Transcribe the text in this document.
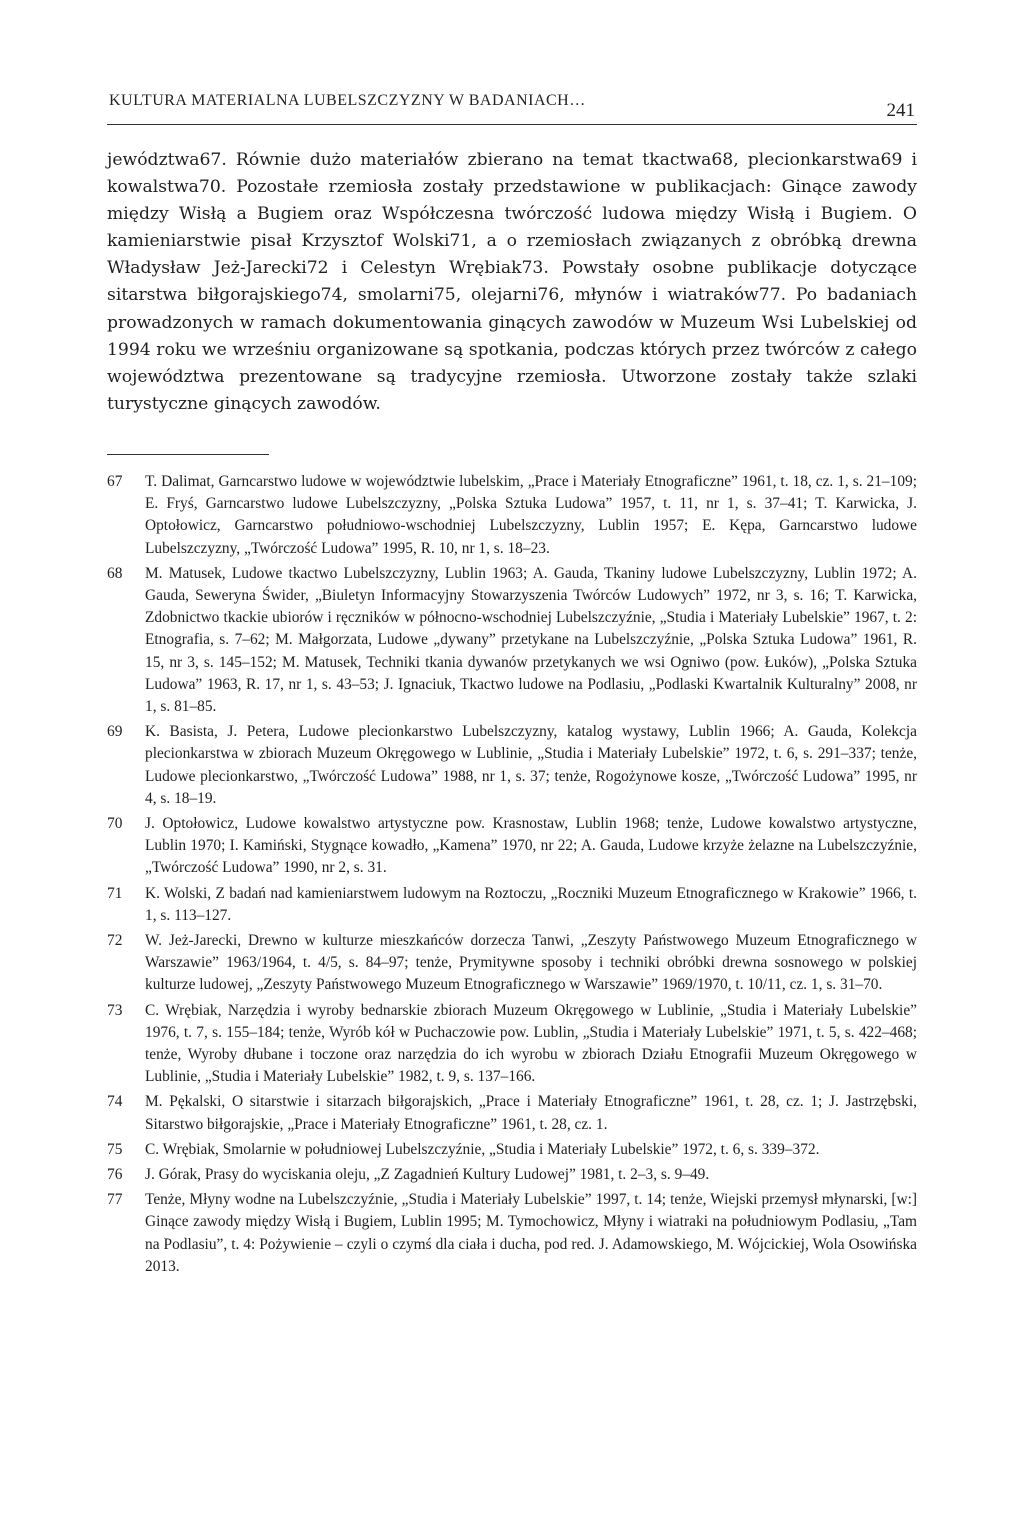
KULTURA MATERIALNA LUBELSZCZYZNY W BADANIACH…	241

jewództwa67. Równie dużo materiałów zbierano na temat tkactwa68, plecionkarstwa69 i kowalstwa70. Pozostałe rzemiosła zostały przedstawione w publikacjach: Ginące zawody między Wisłą a Bugiem oraz Współczesna twórczość ludowa między Wisłą i Bugiem. O kamieniarstwie pisał Krzysztof Wolski71, a o rzemiosłach związanych z obróbką drewna Władysław Jeż-Jarecki72 i Celestyn Wrębiak73. Powstały osobne publikacje dotyczące sitarstwa biłgorajskiego74, smolarni75, olejarni76, młynów i wiatraków77. Po badaniach prowadzonych w ramach dokumentowania ginących zawodów w Muzeum Wsi Lubelskiej od 1994 roku we wrześniu organizowane są spotkania, podczas których przez twórców z całego województwa prezentowane są tradycyjne rzemiosła. Utworzone zostały także szlaki turystyczne ginących zawodów.

67 T. Dalimat, Garncarstwo ludowe w województwie lubelskim, „Prace i Materiały Etnograficzne” 1961, t. 18, cz. 1, s. 21–109; E. Fryś, Garncarstwo ludowe Lubelszczyzny, „Polska Sztuka Ludowa” 1957, t. 11, nr 1, s. 37–41; T. Karwicka, J. Optołowicz, Garncarstwo południowo-wschodniej Lubelszczyzny, Lublin 1957; E. Kępa, Garncarstwo ludowe Lubelszczyzny, „Twórczość Ludowa” 1995, R. 10, nr 1, s. 18–23.
68 M. Matusek, Ludowe tkactwo Lubelszczyzny, Lublin 1963; A. Gauda, Tkaniny ludowe Lubelszczyzny, Lublin 1972; A. Gauda, Seweryna Świder, „Biuletyn Informacyjny Stowarzyszenia Twórców Ludowych” 1972, nr 3, s. 16; T. Karwicka, Zdobnictwo tkackie ubiorów i ręczników w północno-wschodniej Lubelszczyźnie, „Studia i Materiały Lubelskie” 1967, t. 2: Etnografia, s. 7–62; M. Małgorzata, Ludowe „dywany” przetykane na Lubelszczyźnie, „Polska Sztuka Ludowa” 1961, R. 15, nr 3, s. 145–152; M. Matusek, Techniki tkania dywanów przetykanych we wsi Ogniwo (pow. Łuków), „Polska Sztuka Ludowa” 1963, R. 17, nr 1, s. 43–53; J. Ignaciuk, Tkactwo ludowe na Podlasiu, „Podlaski Kwartalnik Kulturalny” 2008, nr 1, s. 81–85.
69 K. Basista, J. Petera, Ludowe plecionkarstwo Lubelszczyzny, katalog wystawy, Lublin 1966; A. Gauda, Kolekcja plecionkarstwa w zbiorach Muzeum Okręgowego w Lublinie, „Studia i Materiały Lubelskie” 1972, t. 6, s. 291–337; tenże, Ludowe plecionkarstwo, „Twórczość Ludowa” 1988, nr 1, s. 37; tenże, Rogożynowe kosze, „Twórczość Ludowa” 1995, nr 4, s. 18–19.
70 J. Optołowicz, Ludowe kowalstwo artystyczne pow. Krasnostaw, Lublin 1968; tenże, Ludowe kowalstwo artystyczne, Lublin 1970; I. Kamiński, Stygnące kowadło, „Kamena” 1970, nr 22; A. Gauda, Ludowe krzyże żelazne na Lubelszczyźnie, „Twórczość Ludowa” 1990, nr 2, s. 31.
71 K. Wolski, Z badań nad kamieniarstwem ludowym na Roztoczu, „Roczniki Muzeum Etnograficznego w Krakowie” 1966, t. 1, s. 113–127.
72 W. Jeż-Jarecki, Drewno w kulturze mieszkańców dorzecza Tanwi, „Zeszyty Państwowego Muzeum Etnograficznego w Warszawie” 1963/1964, t. 4/5, s. 84–97; tenże, Prymitywne sposoby i techniki obróbki drewna sosnowego w polskiej kulturze ludowej, „Zeszyty Państwowego Muzeum Etnograficznego w Warszawie” 1969/1970, t. 10/11, cz. 1, s. 31–70.
73 C. Wrębiak, Narzędzia i wyroby bednarskie zbiorach Muzeum Okręgowego w Lublinie, „Studia i Materiały Lubelskie” 1976, t. 7, s. 155–184; tenże, Wyrób kół w Puchaczowie pow. Lublin, „Studia i Materiały Lubelskie” 1971, t. 5, s. 422–468; tenże, Wyroby dłubane i toczone oraz narzędzia do ich wyrobu w zbiorach Działu Etnografii Muzeum Okręgowego w Lublinie, „Studia i Materiały Lubelskie” 1982, t. 9, s. 137–166.
74 M. Pękalski, O sitarstwie i sitarzach biłgorajskich, „Prace i Materiały Etnograficzne” 1961, t. 28, cz. 1; J. Jastrzębski, Sitarstwo biłgorajskie, „Prace i Materiały Etnograficzne” 1961, t. 28, cz. 1.
75 C. Wrębiak, Smolarnie w południowej Lubelszczyźnie, „Studia i Materiały Lubelskie” 1972, t. 6, s. 339–372.
76 J. Górak, Prasy do wyciskania oleju, „Z Zagadnień Kultury Ludowej” 1981, t. 2–3, s. 9–49.
77 Tenże, Młyny wodne na Lubelszczyźnie, „Studia i Materiały Lubelskie” 1997, t. 14; tenże, Wiejski przemysł młynarski, [w:] Ginące zawody między Wisłą i Bugiem, Lublin 1995; M. Tymochowicz, Młyny i wiatraki na południowym Podlasiu, „Tam na Podlasiu”, t. 4: Pożywienie – czyli o czymś dla ciała i ducha, pod red. J. Adamowskiego, M. Wójcickiej, Wola Osowińska 2013.
